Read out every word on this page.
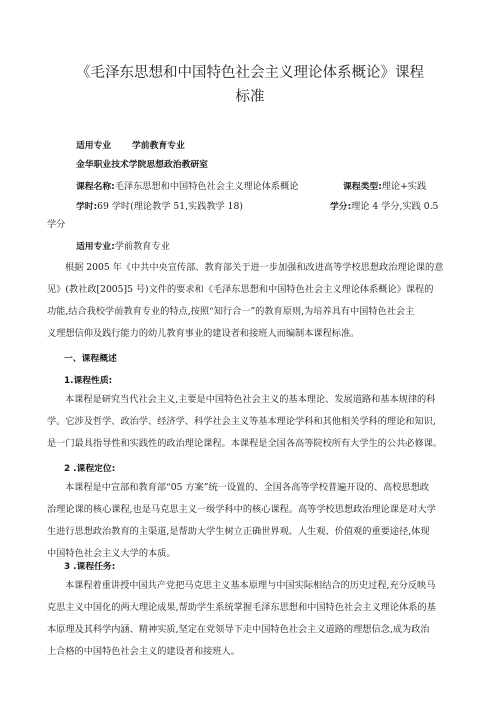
《毛泽东思想和中国特色社会主义理论体系概论》课程
标准
适用专业 学前教育专业
金华职业技术学院思想政治教研室
课程名称:毛泽东思想和中国特色社会主义理论体系概论	课程类型:理论+实践
学时:69 学时(理论教学 51,实践教学 18)	学分:理论 4 学分,实践 0.5
学分
适用专业:学前教育专业
根据 2005 年《中共中央宣传部、教育部关于进一步加强和改进高等学校思想政治理论课的意
见》(教社政[2005]5 号)文件的要求和《毛泽东思想和中国特色社会主义理论体系概论》课程的
功能,结合我校学前教育专业的特点,按照“知行合一”的教育原则,为培养具有中国特色社会主
义理想信仰及践行能力的幼儿教育事业的建设者和接班人而编制本课程标准。
一、课程概述
1.课程性质:
本课程是研究当代社会主义,主要是中国特色社会主义的基本理论、发展道路和基本规律的科
学。它涉及哲学、政治学、经济学、科学社会主义等基本理论学科和其他相关学科的理论和知识,
是一门最具指导性和实践性的政治理论课程。本课程是全国各高等院校所有大学生的公共必修课。
2 .课程定位:
本课程是中宣部和教育部“05 方案”统一设置的、全国各高等学校普遍开设的、高校思想政
治理论课的核心课程,也是马克思主义一级学科中的核心课程。高等学校思想政治理论课是对大学
生进行思想政治教育的主渠道,是帮助大学生树立正确世界观、人生观、价值观的重要途径,体现
中国特色社会主义大学的本质。
3 .课程任务:
本课程着重讲授中国共产党把马克思主义基本原理与中国实际相结合的历史过程,充分反映马
克思主义中国化的两大理论成果,帮助学生系统掌握毛泽东思想和中国特色社会主义理论体系的基
本原理及其科学内涵、精神实质,坚定在党领导下走中国特色社会主义道路的理想信念,成为政治
上合格的中国特色社会主义的建设者和接班人。
